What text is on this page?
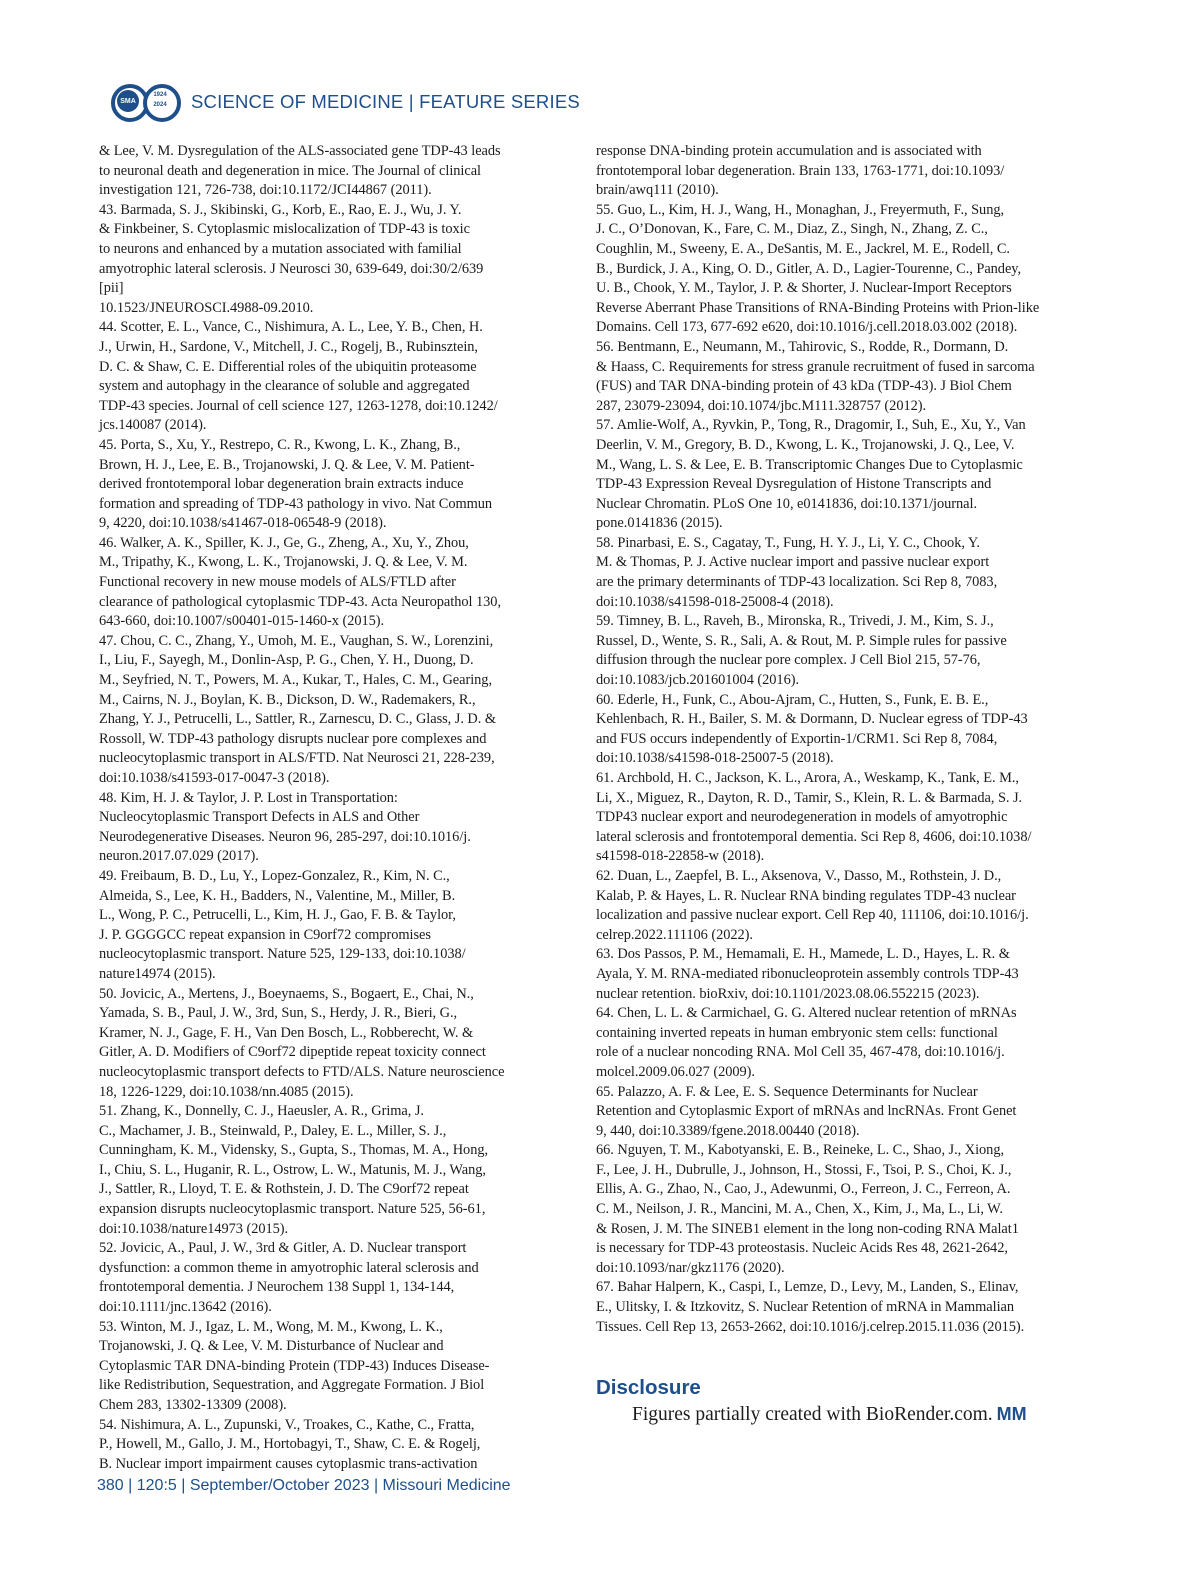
SMA
1924 2024 SCIENCE OF MEDICINE | FEATURE SERIES

& Lee, V. M. Dysregulation of the ALS-associated gene TDP-43 leads
to neuronal death and degeneration in mice. The Journal of clinical
investigation 121, 726-738, doi:10.1172/JCI44867 (2011).

43. Barmada, S. J., Skibinski, G., Korb, E., Rao, E. J., Wu, J. Y.
& Finkbeiner, S. Cytoplasmic mislocalization of TDP-43 is toxic
to neurons and enhanced by a mutation associated with familial
amyotrophic lateral sclerosis. J Neurosci 30, 639-649, doi:30/2/639
[pii]
10.1523/JNEUROSCI.4988-09.2010.

44. Scotter, E. L., Vance, C., Nishimura, A. L., Lee, Y. B., Chen, H.
J., Urwin, H., Sardone, V., Mitchell, J. C., Rogelj, B., Rubinsztein,
D. C. & Shaw, C. E. Differential roles of the ubiquitin proteasome
system and autophagy in the clearance of soluble and aggregated
TDP-43 species. Journal of cell science 127, 1263-1278, doi:10.1242/
jcs.140087 (2014).

45. Porta, S., Xu, Y., Restrepo, C. R., Kwong, L. K., Zhang, B.,
Brown, H. J., Lee, E. B., Trojanowski, J. Q. & Lee, V. M. Patient-
derived frontotemporal lobar degeneration brain extracts induce
formation and spreading of TDP-43 pathology in vivo. Nat Commun
9, 4220, doi:10.1038/s41467-018-06548-9 (2018).

46. Walker, A. K., Spiller, K. J., Ge, G., Zheng, A., Xu, Y., Zhou,
M., Tripathy, K., Kwong, L. K., Trojanowski, J. Q. & Lee, V. M.
Functional recovery in new mouse models of ALS/FTLD after
clearance of pathological cytoplasmic TDP-43. Acta Neuropathol 130,
643-660, doi:10.1007/s00401-015-1460-x (2015).

47. Chou, C. C., Zhang, Y., Umoh, M. E., Vaughan, S. W., Lorenzini,
I., Liu, F., Sayegh, M., Donlin-Asp, P. G., Chen, Y. H., Duong, D.
M., Seyfried, N. T., Powers, M. A., Kukar, T., Hales, C. M., Gearing,
M., Cairns, N. J., Boylan, K. B., Dickson, D. W., Rademakers, R.,
Zhang, Y. J., Petrucelli, L., Sattler, R., Zarnescu, D. C., Glass, J. D. &
Rossoll, W. TDP-43 pathology disrupts nuclear pore complexes and
nucleocytoplasmic transport in ALS/FTD. Nat Neurosci 21, 228-239,
doi:10.1038/s41593-017-0047-3 (2018).

48. Kim, H. J. & Taylor, J. P. Lost in Transportation:
Nucleocytoplasmic Transport Defects in ALS and Other
Neurodegenerative Diseases. Neuron 96, 285-297, doi:10.1016/j.
neuron.2017.07.029 (2017).

49. Freibaum, B. D., Lu, Y., Lopez-Gonzalez, R., Kim, N. C.,
Almeida, S., Lee, K. H., Badders, N., Valentine, M., Miller, B.
L., Wong, P. C., Petrucelli, L., Kim, H. J., Gao, F. B. & Taylor,
J. P. GGGGCC repeat expansion in C9orf72 compromises
nucleocytoplasmic transport. Nature 525, 129-133, doi:10.1038/
nature14974 (2015).

50. Jovicic, A., Mertens, J., Boeynaems, S., Bogaert, E., Chai, N.,
Yamada, S. B., Paul, J. W., 3rd, Sun, S., Herdy, J. R., Bieri, G.,
Kramer, N. J., Gage, F. H., Van Den Bosch, L., Robberecht, W. &
Gitler, A. D. Modifiers of C9orf72 dipeptide repeat toxicity connect
nucleocytoplasmic transport defects to FTD/ALS. Nature neuroscience
18, 1226-1229, doi:10.1038/nn.4085 (2015).

51. Zhang, K., Donnelly, C. J., Haeusler, A. R., Grima, J.
C., Machamer, J. B., Steinwald, P., Daley, E. L., Miller, S. J.,
Cunningham, K. M., Vidensky, S., Gupta, S., Thomas, M. A., Hong,
I., Chiu, S. L., Huganir, R. L., Ostrow, L. W., Matunis, M. J., Wang,
J., Sattler, R., Lloyd, T. E. & Rothstein, J. D. The C9orf72 repeat
expansion disrupts nucleocytoplasmic transport. Nature 525, 56-61,
doi:10.1038/nature14973 (2015).

52. Jovicic, A., Paul, J. W., 3rd & Gitler, A. D. Nuclear transport
dysfunction: a common theme in amyotrophic lateral sclerosis and
frontotemporal dementia. J Neurochem 138 Suppl 1, 134-144,
doi:10.1111/jnc.13642 (2016).

53. Winton, M. J., Igaz, L. M., Wong, M. M., Kwong, L. K.,
Trojanowski, J. Q. & Lee, V. M. Disturbance of Nuclear and
Cytoplasmic TAR DNA-binding Protein (TDP-43) Induces Disease-
like Redistribution, Sequestration, and Aggregate Formation. J Biol
Chem 283, 13302-13309 (2008).

54. Nishimura, A. L., Zupunski, V., Troakes, C., Kathe, C., Fratta,
P., Howell, M., Gallo, J. M., Hortobagyi, T., Shaw, C. E. & Rogelj,
B. Nuclear import impairment causes cytoplasmic trans-activation

response DNA-binding protein accumulation and is associated with
frontotemporal lobar degeneration. Brain 133, 1763-1771, doi:10.1093/
brain/awq111 (2010).

55. Guo, L., Kim, H. J., Wang, H., Monaghan, J., Freyermuth, F., Sung,
J. C., O’Donovan, K., Fare, C. M., Diaz, Z., Singh, N., Zhang, Z. C.,
Coughlin, M., Sweeny, E. A., DeSantis, M. E., Jackrel, M. E., Rodell, C.
B., Burdick, J. A., King, O. D., Gitler, A. D., Lagier-Tourenne, C., Pandey,
U. B., Chook, Y. M., Taylor, J. P. & Shorter, J. Nuclear-Import Receptors
Reverse Aberrant Phase Transitions of RNA-Binding Proteins with Prion-like
Domains. Cell 173, 677-692 e620, doi:10.1016/j.cell.2018.03.002 (2018).

56. Bentmann, E., Neumann, M., Tahirovic, S., Rodde, R., Dormann, D.
& Haass, C. Requirements for stress granule recruitment of fused in sarcoma
(FUS) and TAR DNA-binding protein of 43 kDa (TDP-43). J Biol Chem
287, 23079-23094, doi:10.1074/jbc.M111.328757 (2012).

57. Amlie-Wolf, A., Ryvkin, P., Tong, R., Dragomir, I., Suh, E., Xu, Y., Van
Deerlin, V. M., Gregory, B. D., Kwong, L. K., Trojanowski, J. Q., Lee, V.
M., Wang, L. S. & Lee, E. B. Transcriptomic Changes Due to Cytoplasmic
TDP-43 Expression Reveal Dysregulation of Histone Transcripts and
Nuclear Chromatin. PLoS One 10, e0141836, doi:10.1371/journal.
pone.0141836 (2015).

58. Pinarbasi, E. S., Cagatay, T., Fung, H. Y. J., Li, Y. C., Chook, Y.
M. & Thomas, P. J. Active nuclear import and passive nuclear export
are the primary determinants of TDP-43 localization. Sci Rep 8, 7083,
doi:10.1038/s41598-018-25008-4 (2018).

59. Timney, B. L., Raveh, B., Mironska, R., Trivedi, J. M., Kim, S. J.,
Russel, D., Wente, S. R., Sali, A. & Rout, M. P. Simple rules for passive
diffusion through the nuclear pore complex. J Cell Biol 215, 57-76,
doi:10.1083/jcb.201601004 (2016).

60. Ederle, H., Funk, C., Abou-Ajram, C., Hutten, S., Funk, E. B. E.,
Kehlenbach, R. H., Bailer, S. M. & Dormann, D. Nuclear egress of TDP-43
and FUS occurs independently of Exportin-1/CRM1. Sci Rep 8, 7084,
doi:10.1038/s41598-018-25007-5 (2018).

61. Archbold, H. C., Jackson, K. L., Arora, A., Weskamp, K., Tank, E. M.,
Li, X., Miguez, R., Dayton, R. D., Tamir, S., Klein, R. L. & Barmada, S. J.
TDP43 nuclear export and neurodegeneration in models of amyotrophic
lateral sclerosis and frontotemporal dementia. Sci Rep 8, 4606, doi:10.1038/
s41598-018-22858-w (2018).

62. Duan, L., Zaepfel, B. L., Aksenova, V., Dasso, M., Rothstein, J. D.,
Kalab, P. & Hayes, L. R. Nuclear RNA binding regulates TDP-43 nuclear
localization and passive nuclear export. Cell Rep 40, 111106, doi:10.1016/j.
celrep.2022.111106 (2022).

63. Dos Passos, P. M., Hemamali, E. H., Mamede, L. D., Hayes, L. R. &
Ayala, Y. M. RNA-mediated ribonucleoprotein assembly controls TDP-43
nuclear retention. bioRxiv, doi:10.1101/2023.08.06.552215 (2023).

64. Chen, L. L. & Carmichael, G. G. Altered nuclear retention of mRNAs
containing inverted repeats in human embryonic stem cells: functional
role of a nuclear noncoding RNA. Mol Cell 35, 467-478, doi:10.1016/j.
molcel.2009.06.027 (2009).

65. Palazzo, A. F. & Lee, E. S. Sequence Determinants for Nuclear
Retention and Cytoplasmic Export of mRNAs and lncRNAs. Front Genet
9, 440, doi:10.3389/fgene.2018.00440 (2018).

66. Nguyen, T. M., Kabotyanski, E. B., Reineke, L. C., Shao, J., Xiong,
F., Lee, J. H., Dubrulle, J., Johnson, H., Stossi, F., Tsoi, P. S., Choi, K. J.,
Ellis, A. G., Zhao, N., Cao, J., Adewunmi, O., Ferreon, J. C., Ferreon, A.
C. M., Neilson, J. R., Mancini, M. A., Chen, X., Kim, J., Ma, L., Li, W.
& Rosen, J. M. The SINEB1 element in the long non-coding RNA Malat1
is necessary for TDP-43 proteostasis. Nucleic Acids Res 48, 2621-2642,
doi:10.1093/nar/gkz1176 (2020).

67. Bahar Halpern, K., Caspi, I., Lemze, D., Levy, M., Landen, S., Elinav,
E., Ulitsky, I. & Itzkovitz, S. Nuclear Retention of mRNA in Mammalian
Tissues. Cell Rep 13, 2653-2662, doi:10.1016/j.celrep.2015.11.036 (2015).

Disclosure
Figures partially created with BioRender.com. MM
380 | 120:5 | September/October 2023 | Missouri Medicine
